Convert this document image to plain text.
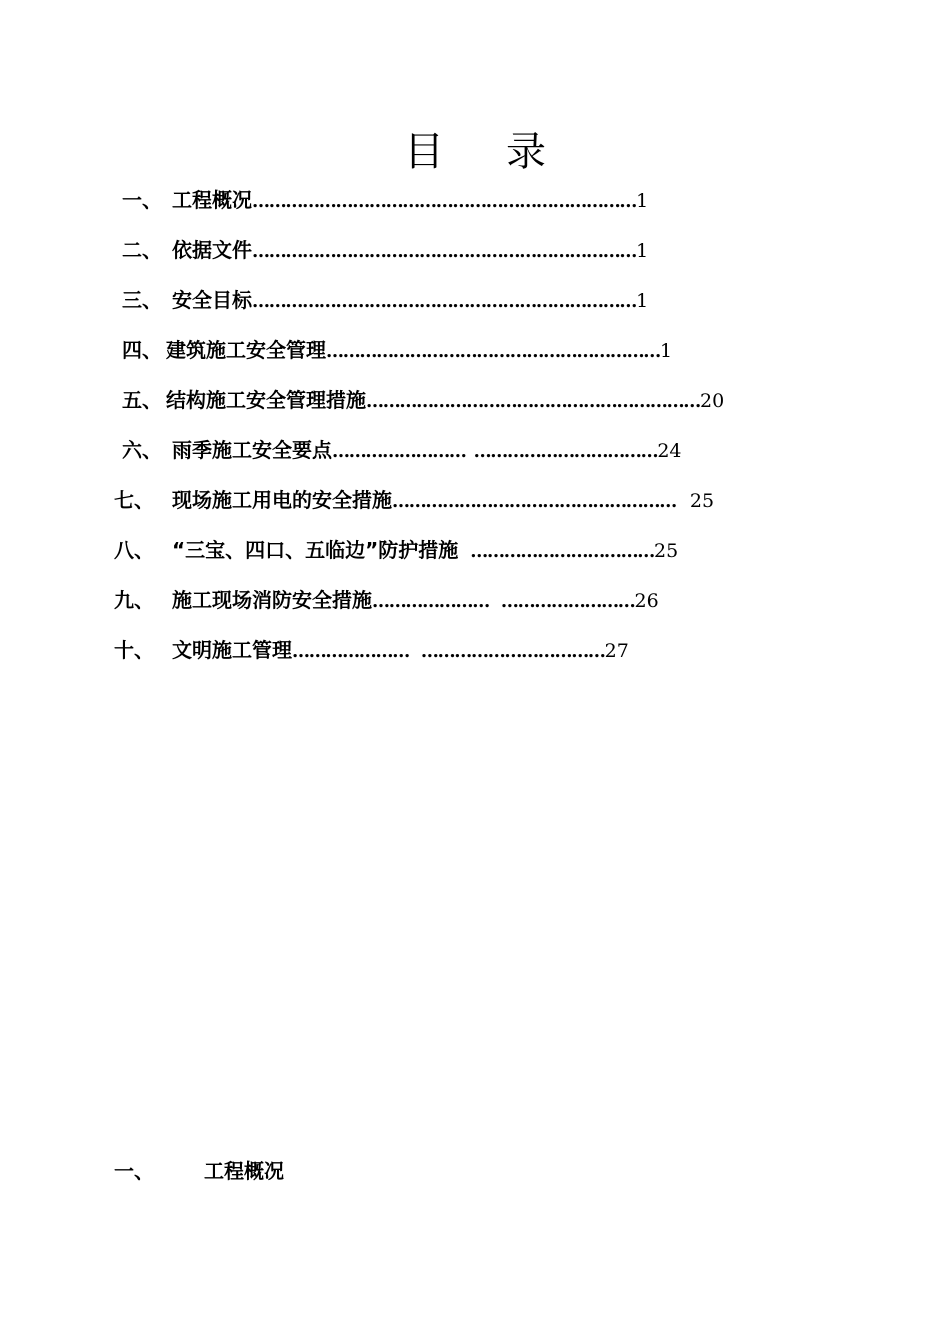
目 录
一、 工程概况……………………………………………………………1
二、 依据文件……………………………………………………………1
三、 安全目标……………………………………………………………1
四、 建筑施工安全管理……………………………………………………1
五、 结构施工安全管理措施……………………………………………………20
六、 雨季施工安全要点…………………………………………………24
七、 现场施工用电的安全措施…………………………………………… 25
八、 “三宝、四口、五临边”防护措施 ……………………………25
九、 施工现场消防安全措施………………… ……………………26
十、 文明施工管理………………… ……………………………27
一、	工程概况
